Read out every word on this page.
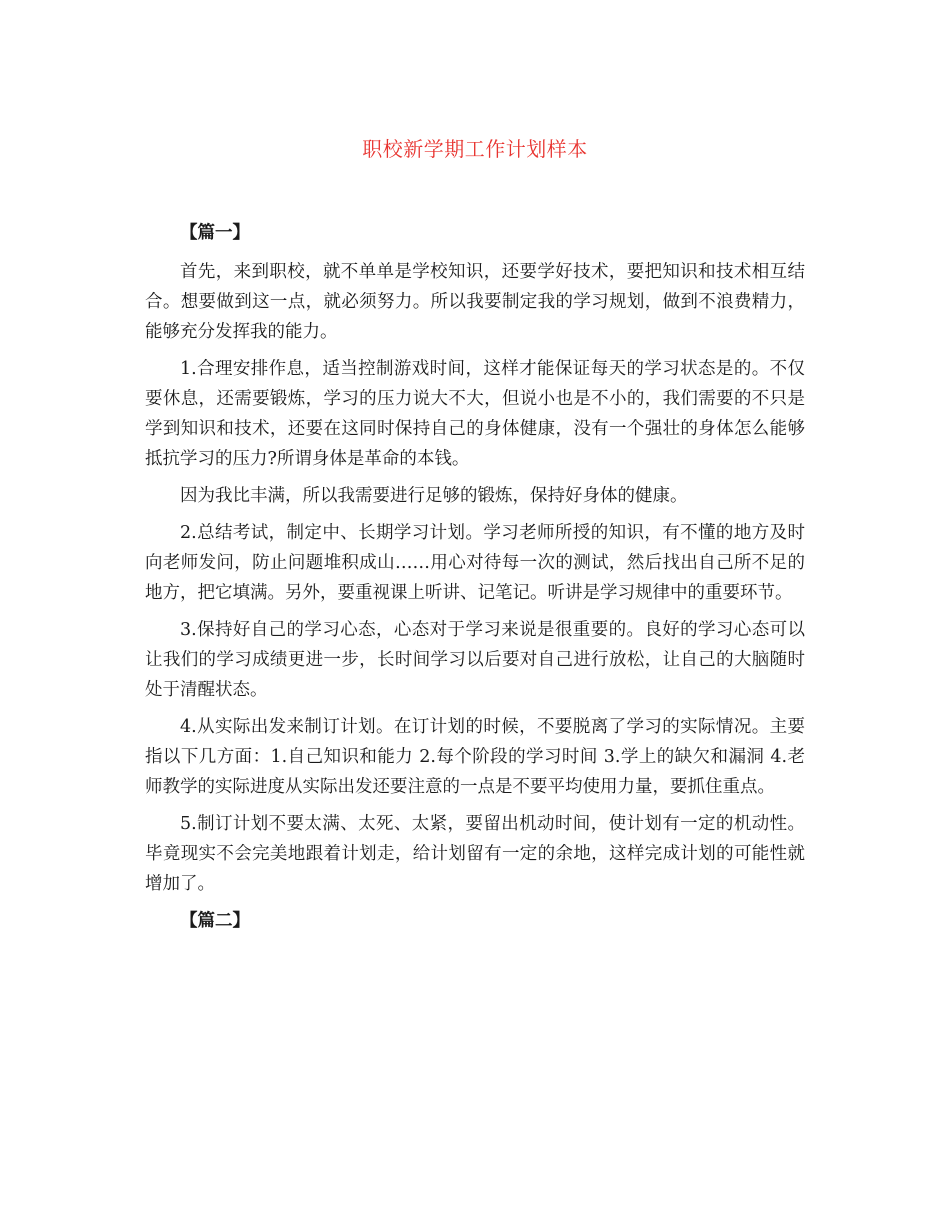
职校新学期工作计划样本

【篇一】

首先，来到职校，就不单单是学校知识，还要学好技术，要把知识和技术相互结合。想要做到这一点，就必须努力。所以我要制定我的学习规划，做到不浪费精力，能够充分发挥我的能力。

1.合理安排作息，适当控制游戏时间，这样才能保证每天的学习状态是的。不仅要休息，还需要锻炼，学习的压力说大不大，但说小也是不小的，我们需要的不只是学到知识和技术，还要在这同时保持自己的身体健康，没有一个强壮的身体怎么能够抵抗学习的压力?所谓身体是革命的本钱。

因为我比丰满，所以我需要进行足够的锻炼，保持好身体的健康。

2.总结考试，制定中、长期学习计划。学习老师所授的知识，有不懂的地方及时向老师发问，防止问题堆积成山……用心对待每一次的测试，然后找出自己所不足的地方，把它填满。另外，要重视课上听讲、记笔记。听讲是学习规律中的重要环节。

3.保持好自己的学习心态，心态对于学习来说是很重要的。良好的学习心态可以让我们的学习成绩更进一步，长时间学习以后要对自己进行放松，让自己的大脑随时处于清醒状态。

4.从实际出发来制订计划。在订计划的时候，不要脱离了学习的实际情况。主要指以下几方面：1.自己知识和能力 2.每个阶段的学习时间 3.学上的缺欠和漏洞 4.老师教学的实际进度从实际出发还要注意的一点是不要平均使用力量，要抓住重点。

5.制订计划不要太满、太死、太紧，要留出机动时间，使计划有一定的机动性。毕竟现实不会完美地跟着计划走，给计划留有一定的余地，这样完成计划的可能性就增加了。

【篇二】
